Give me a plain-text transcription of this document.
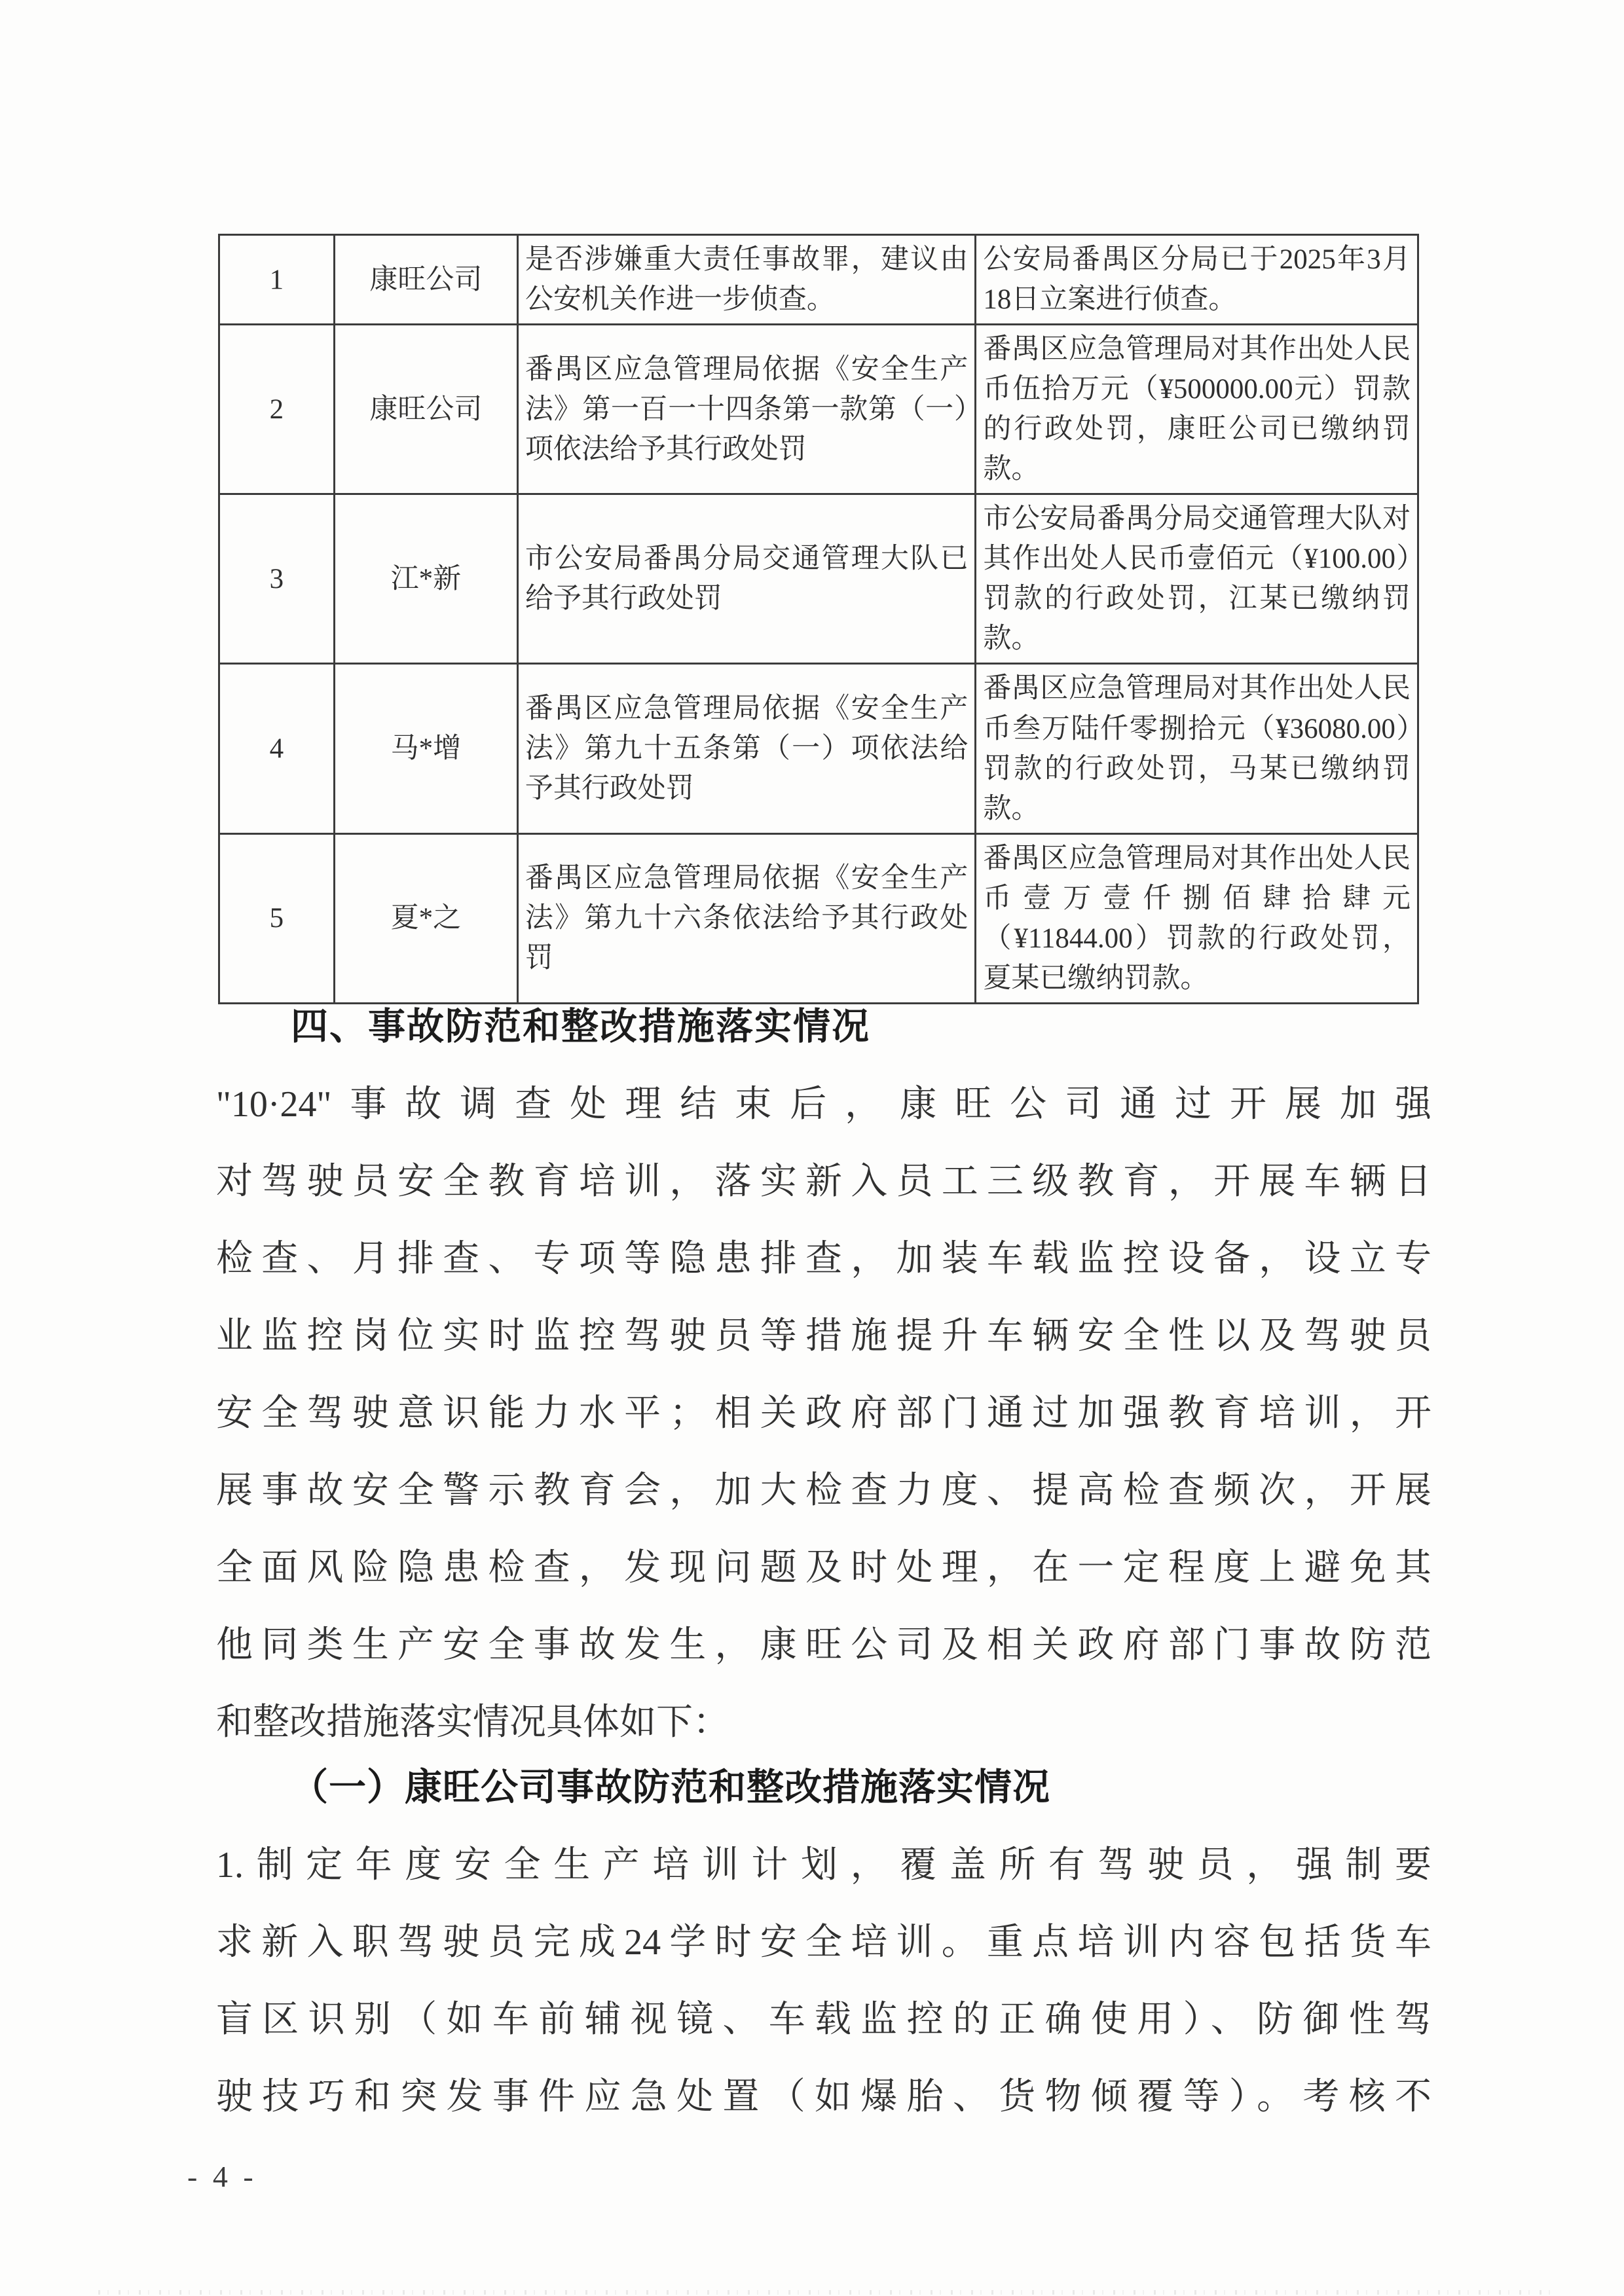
1	康旺公司	是否涉嫌重大责任事故罪，建议由公安机关作进一步侦查。	公安局番禺区分局已于2025年3月18日立案进行侦查。
2	康旺公司	番禺区应急管理局依据《安全生产法》第一百一十四条第一款第（一）项依法给予其行政处罚	番禺区应急管理局对其作出处人民币伍拾万元（¥500000.00元）罚款的行政处罚，康旺公司已缴纳罚款。
3	江*新	市公安局番禺分局交通管理大队已给予其行政处罚	市公安局番禺分局交通管理大队对其作出处人民币壹佰元（¥100.00）罚款的行政处罚，江某已缴纳罚款。
4	马*增	番禺区应急管理局依据《安全生产法》第九十五条第（一）项依法给予其行政处罚	番禺区应急管理局对其作出处人民币叁万陆仟零捌拾元（¥36080.00）罚款的行政处罚，马某已缴纳罚款。
5	夏*之	番禺区应急管理局依据《安全生产法》第九十六条依法给予其行政处罚	番禺区应急管理局对其作出处人民币壹万壹仟捌佰肆拾肆元（¥11844.00）罚款的行政处罚，夏某已缴纳罚款。
四、事故防范和整改措施落实情况
"10·24"事故调查处理结束后，康旺公司通过开展加强
对驾驶员安全教育培训，落实新入员工三级教育，开展车辆日
检查、月排查、专项等隐患排查，加装车载监控设备，设立专
业监控岗位实时监控驾驶员等措施提升车辆安全性以及驾驶员
安全驾驶意识能力水平；相关政府部门通过加强教育培训，开
展事故安全警示教育会，加大检查力度、提高检查频次，开展
全面风险隐患检查，发现问题及时处理，在一定程度上避免其
他同类生产安全事故发生，康旺公司及相关政府部门事故防范
和整改措施落实情况具体如下：
（一）康旺公司事故防范和整改措施落实情况
1.制定年度安全生产培训计划，覆盖所有驾驶员，强制要
求新入职驾驶员完成24学时安全培训。重点培训内容包括货车
盲区识别（如车前辅视镜、车载监控的正确使用）、防御性驾
驶技巧和突发事件应急处置（如爆胎、货物倾覆等）。考核不
- 4 -
